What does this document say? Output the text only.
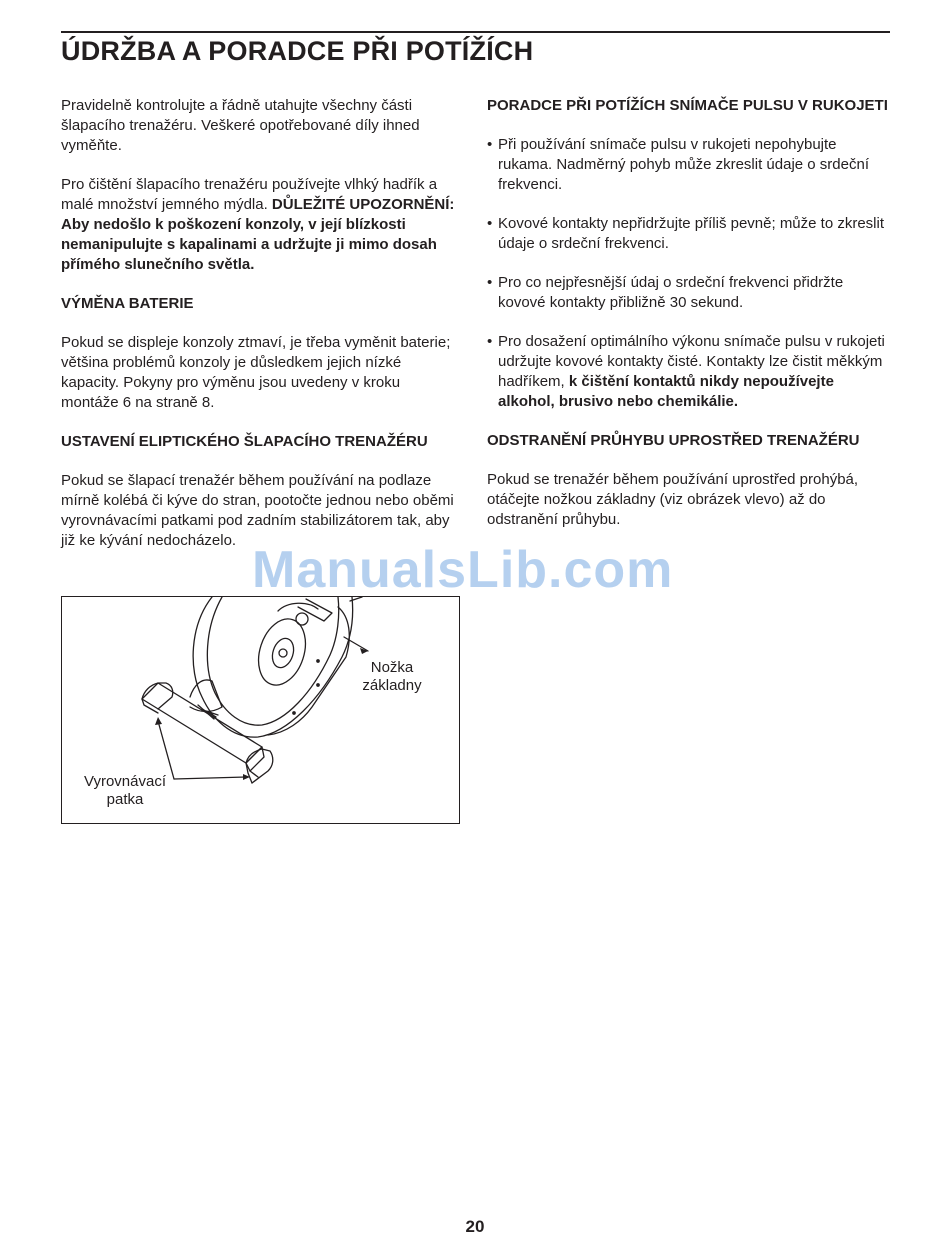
ÚDRŽBA A PORADCE PŘI POTÍŽÍCH

Pravidelně kontrolujte a řádně utahujte všechny části šlapacího trenažéru. Veškeré opotřebované díly ihned vyměňte.

Pro čištění šlapacího trenažéru používejte vlhký hadřík a malé množství jemného mýdla. DŮLEŽITÉ UPOZORNĚNÍ: Aby nedošlo k poškození konzoly, v její blízkosti nemanipulujte s kapalinami a udržujte ji mimo dosah přímého slunečního světla.

VÝMĚNA BATERIE

Pokud se displeje konzoly ztmaví, je třeba vyměnit baterie; většina problémů konzoly je důsledkem jejich nízké kapacity. Pokyny pro výměnu jsou uvedeny v kroku montáže 6 na straně 8.

USTAVENÍ ELIPTICKÉHO ŠLAPACÍHO TRENAŽÉRU

Pokud se šlapací trenažér během používání na podlaze mírně kolébá či kýve do stran, pootočte jednou nebo oběmi vyrovnávacími patkami pod zadním stabilizátorem tak, aby již ke kývání nedocházelo.

Nožka základny
Vyrovnávací patka
PORADCE PŘI POTÍŽÍCH SNÍMAČE PULSU V RUKOJETI
• Při používání snímače pulsu v rukojeti nepohybujte rukama. Nadměrný pohyb může zkreslit údaje o srdeční frekvenci.
• Kovové kontakty nepřidržujte příliš pevně; může to zkreslit údaje o srdeční frekvenci.
• Pro co nejpřesnější údaj o srdeční frekvenci přidržte kovové kontakty přibližně 30 sekund.
• Pro dosažení optimálního výkonu snímače pulsu v rukojeti udržujte kovové kontakty čisté. Kontakty lze čistit měkkým hadříkem, k čištění kontaktů nikdy nepoužívejte alkohol, brusivo nebo chemikálie.
ODSTRANĚNÍ PRŮHYBU UPROSTŘED TRENAŽÉRU

Pokud se trenažér během používání uprostřed prohýbá, otáčejte nožkou základny (viz obrázek vlevo) až do odstranění průhybu.

ManualsLib.com
20
